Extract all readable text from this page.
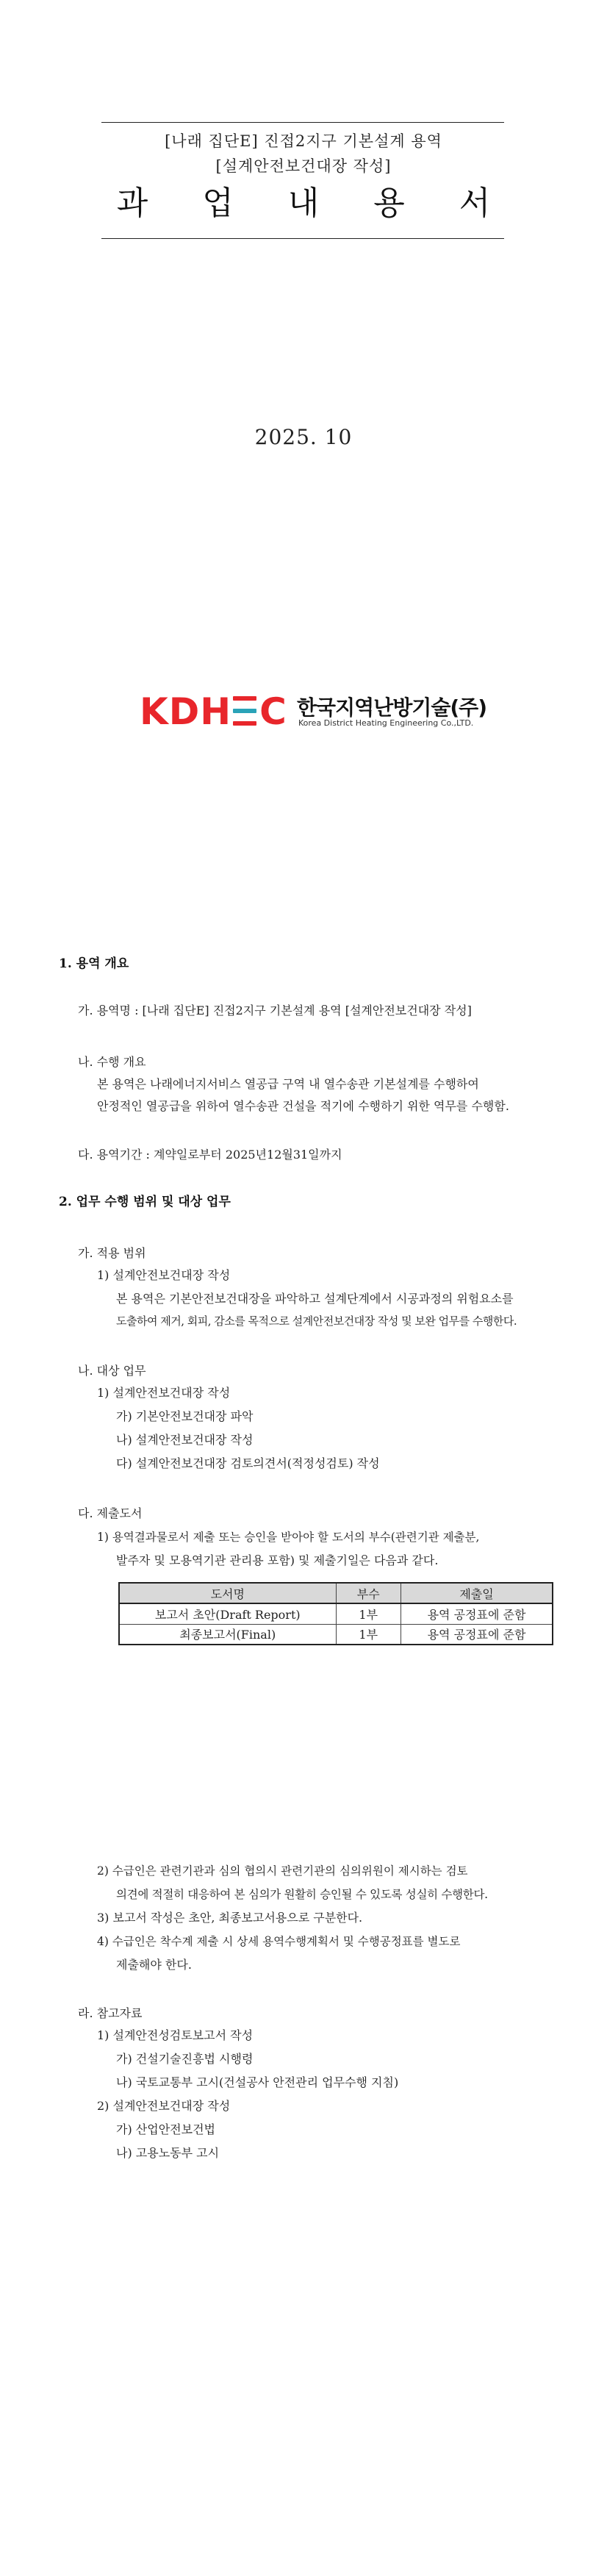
[나래 집단E] 진접2지구 기본설계 용역
[설계안전보건대장 작성]
과 업 내 용 서
2025. 10
KDH C 한국지역난방기술(주)
Korea District Heating Engineering Co.,LTD.
1. 용역 개요
가. 용역명 : [나래 집단E] 진접2지구 기본설계 용역 [설계안전보건대장 작성]
나. 수행 개요
본 용역은 나래에너지서비스 열공급 구역 내 열수송관 기본설계를 수행하여
안정적인 열공급을 위하여 열수송관 건설을 적기에 수행하기 위한 역무를 수행함.
다. 용역기간 : 계약일로부터 2025년12월31일까지
2. 업무 수행 범위 및 대상 업무
가. 적용 범위
1) 설계안전보건대장 작성
본 용역은 기본안전보건대장을 파악하고 설계단계에서 시공과정의 위험요소를
도출하여 제거, 회피, 감소를 목적으로 설계안전보건대장 작성 및 보완 업무를 수행한다.
나. 대상 업무
1) 설계안전보건대장 작성
가) 기본안전보건대장 파악
나) 설계안전보건대장 작성
다) 설계안전보건대장 검토의견서(적정성검토) 작성
다. 제출도서
1) 용역결과물로서 제출 또는 승인을 받아야 할 도서의 부수(관련기관 제출분,
발주자 및 모용역기관 관리용 포함) 및 제출기일은 다음과 같다.
도서명	부수	제출일
보고서 초안(Draft Report)	1부	용역 공정표에 준함
최종보고서(Final)	1부	용역 공정표에 준함
2) 수급인은 관련기관과 심의 협의시 관련기관의 심의위원이 제시하는 검토
의견에 적절히 대응하여 본 심의가 원활히 승인될 수 있도록 성실히 수행한다.
3) 보고서 작성은 초안, 최종보고서용으로 구분한다.
4) 수급인은 착수계 제출 시 상세 용역수행계획서 및 수행공정표를 별도로
제출해야 한다.
라. 참고자료
1) 설계안전성검토보고서 작성
가) 건설기술진흥법 시행령
나) 국토교통부 고시(건설공사 안전관리 업무수행 지침)
2) 설계안전보건대장 작성
가) 산업안전보건법
나) 고용노동부 고시
